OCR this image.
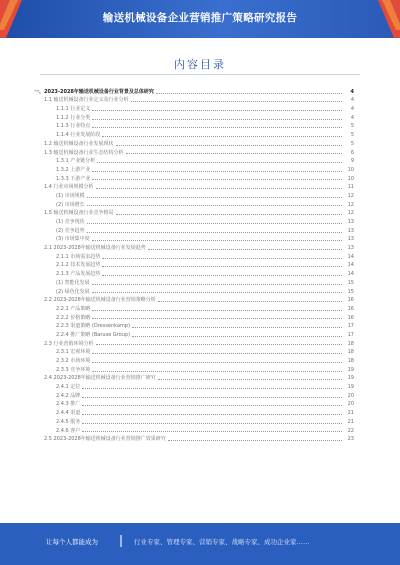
输送机械设备企业营销推广策略研究报告
内容目录
一、2023-2028年输送机械设备行业背景及总体研究	4
1.1 输送机械设备行业定义及行业分析	4
1.1.1 行业定义	4
1.1.2 行业分类	4
1.1.3 行业特点	5
1.1.4 行业发展阶段	5
1.2 输送机械设备行业发展现状	5
1.3 输送机械设备行业生态结构分析	6
1.3.1 产业链分析	9
1.3.2 上游产业	10
1.3.3 下游产业	10
1.4 行业市场规模分析	11
(1) 市场规模	12
(2) 市场增长	12
1.5 输送机械设备行业竞争格局	12
(1) 竞争现状	13
(2) 竞争趋势	13
(3) 市场集中度	13
2.1 2023-2028年输送机械设备行业发展趋势	13
2.1.1 市场需求趋势	14
2.1.2 技术发展趋势	14
2.1.3 产品发展趋势	14
(1) 智能化发展	15
(2) 绿色化发展	15
2.2 2023-2028年输送机械设备行业营销策略分析	16
2.2.1 产品策略	16
2.2.2 价格策略	16
2.2.3 渠道策略 (Dressenkamp)	17
2.2.4 推广策略 (Baruse Group)	17
2.3 行业营销环境分析	18
2.3.1 宏观环境	18
2.3.2 市场环境	18
2.3.3 竞争环境	19
2.4 2023-2028年输送机械设备行业营销推广研究	19
2.4.1 定位	19
2.4.2 品牌	20
2.4.3 推广	20
2.4.4 渠道	21
2.4.5 服务	21
2.4.6 客户	22
2.5 2023-2028年输送机械设备行业营销推广效果研究	23
让每个人都能成为	行业专家、管理专家、营销专家、战略专家、成功企业家……
